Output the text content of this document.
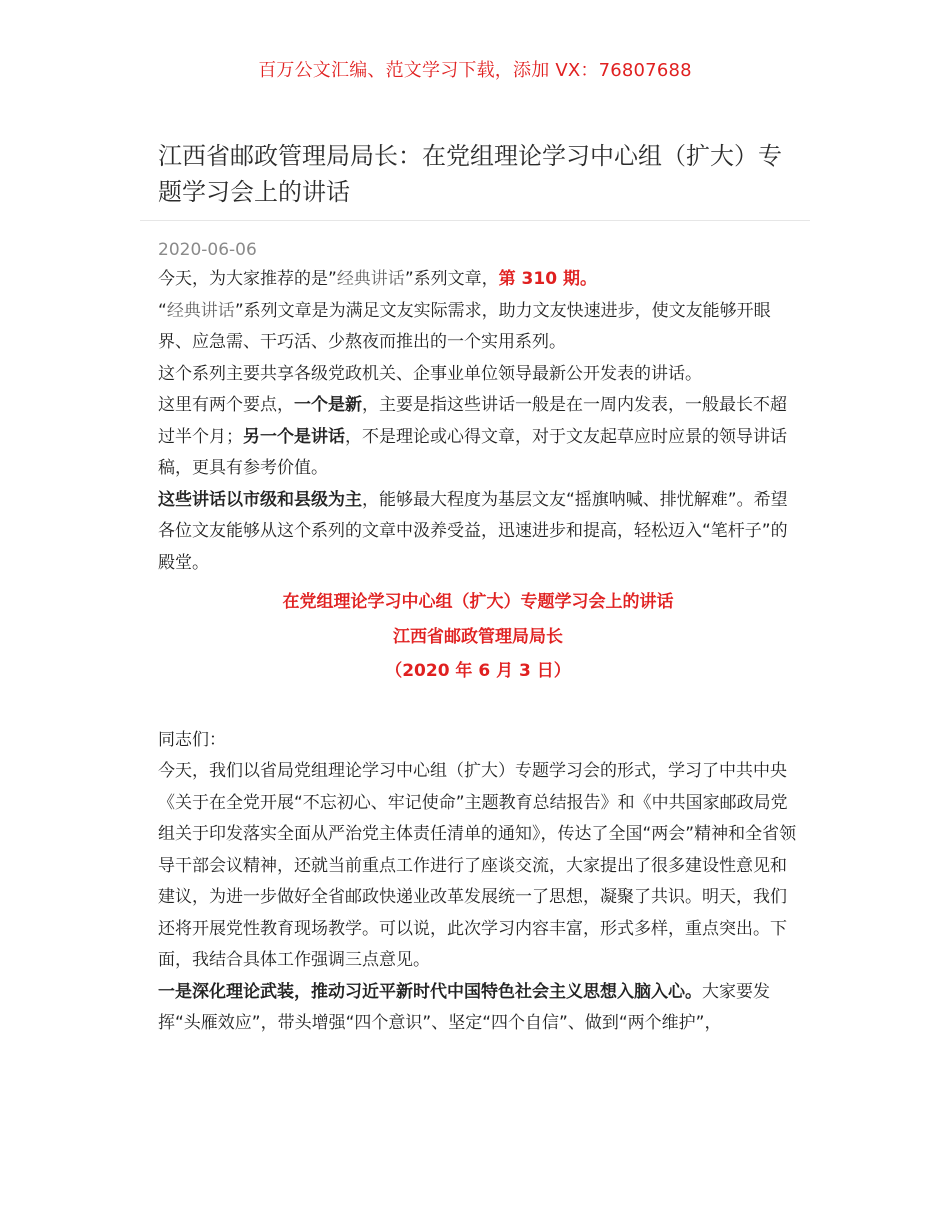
百万公文汇编、范文学习下载，添加 VX：76807688
江西省邮政管理局局长：在党组理论学习中心组（扩大）专题学习会上的讲话
2020-06-06

今天，为大家推荐的是”经典讲话”系列文章，第 310 期。

“经典讲话”系列文章是为满足文友实际需求，助力文友快速进步，使文友能够开眼界、应急需、干巧活、少熬夜而推出的一个实用系列。

这个系列主要共享各级党政机关、企事业单位领导最新公开发表的讲话。

这里有两个要点，一个是新，主要是指这些讲话一般是在一周内发表，一般最长不超过半个月；另一个是讲话，不是理论或心得文章，对于文友起草应时应景的领导讲话稿，更具有参考价值。

这些讲话以市级和县级为主，能够最大程度为基层文友“摇旗呐喊、排忧解难”。希望各位文友能够从这个系列的文章中汲养受益，迅速进步和提高，轻松迈入“笔杆子”的殿堂。

在党组理论学习中心组（扩大）专题学习会上的讲话

江西省邮政管理局局长

（2020 年 6 月 3 日）

同志们：

今天，我们以省局党组理论学习中心组（扩大）专题学习会的形式，学习了中共中央《关于在全党开展“不忘初心、牢记使命”主题教育总结报告》和《中共国家邮政局党组关于印发落实全面从严治党主体责任清单的通知》，传达了全国“两会”精神和全省领导干部会议精神，还就当前重点工作进行了座谈交流，大家提出了很多建设性意见和建议，为进一步做好全省邮政快递业改革发展统一了思想，凝聚了共识。明天，我们还将开展党性教育现场教学。可以说，此次学习内容丰富，形式多样，重点突出。下面，我结合具体工作强调三点意见。

一是深化理论武装，推动习近平新时代中国特色社会主义思想入脑入心。大家要发挥“头雁效应”，带头增强“四个意识”、坚定“四个自信”、做到“两个维护”，
